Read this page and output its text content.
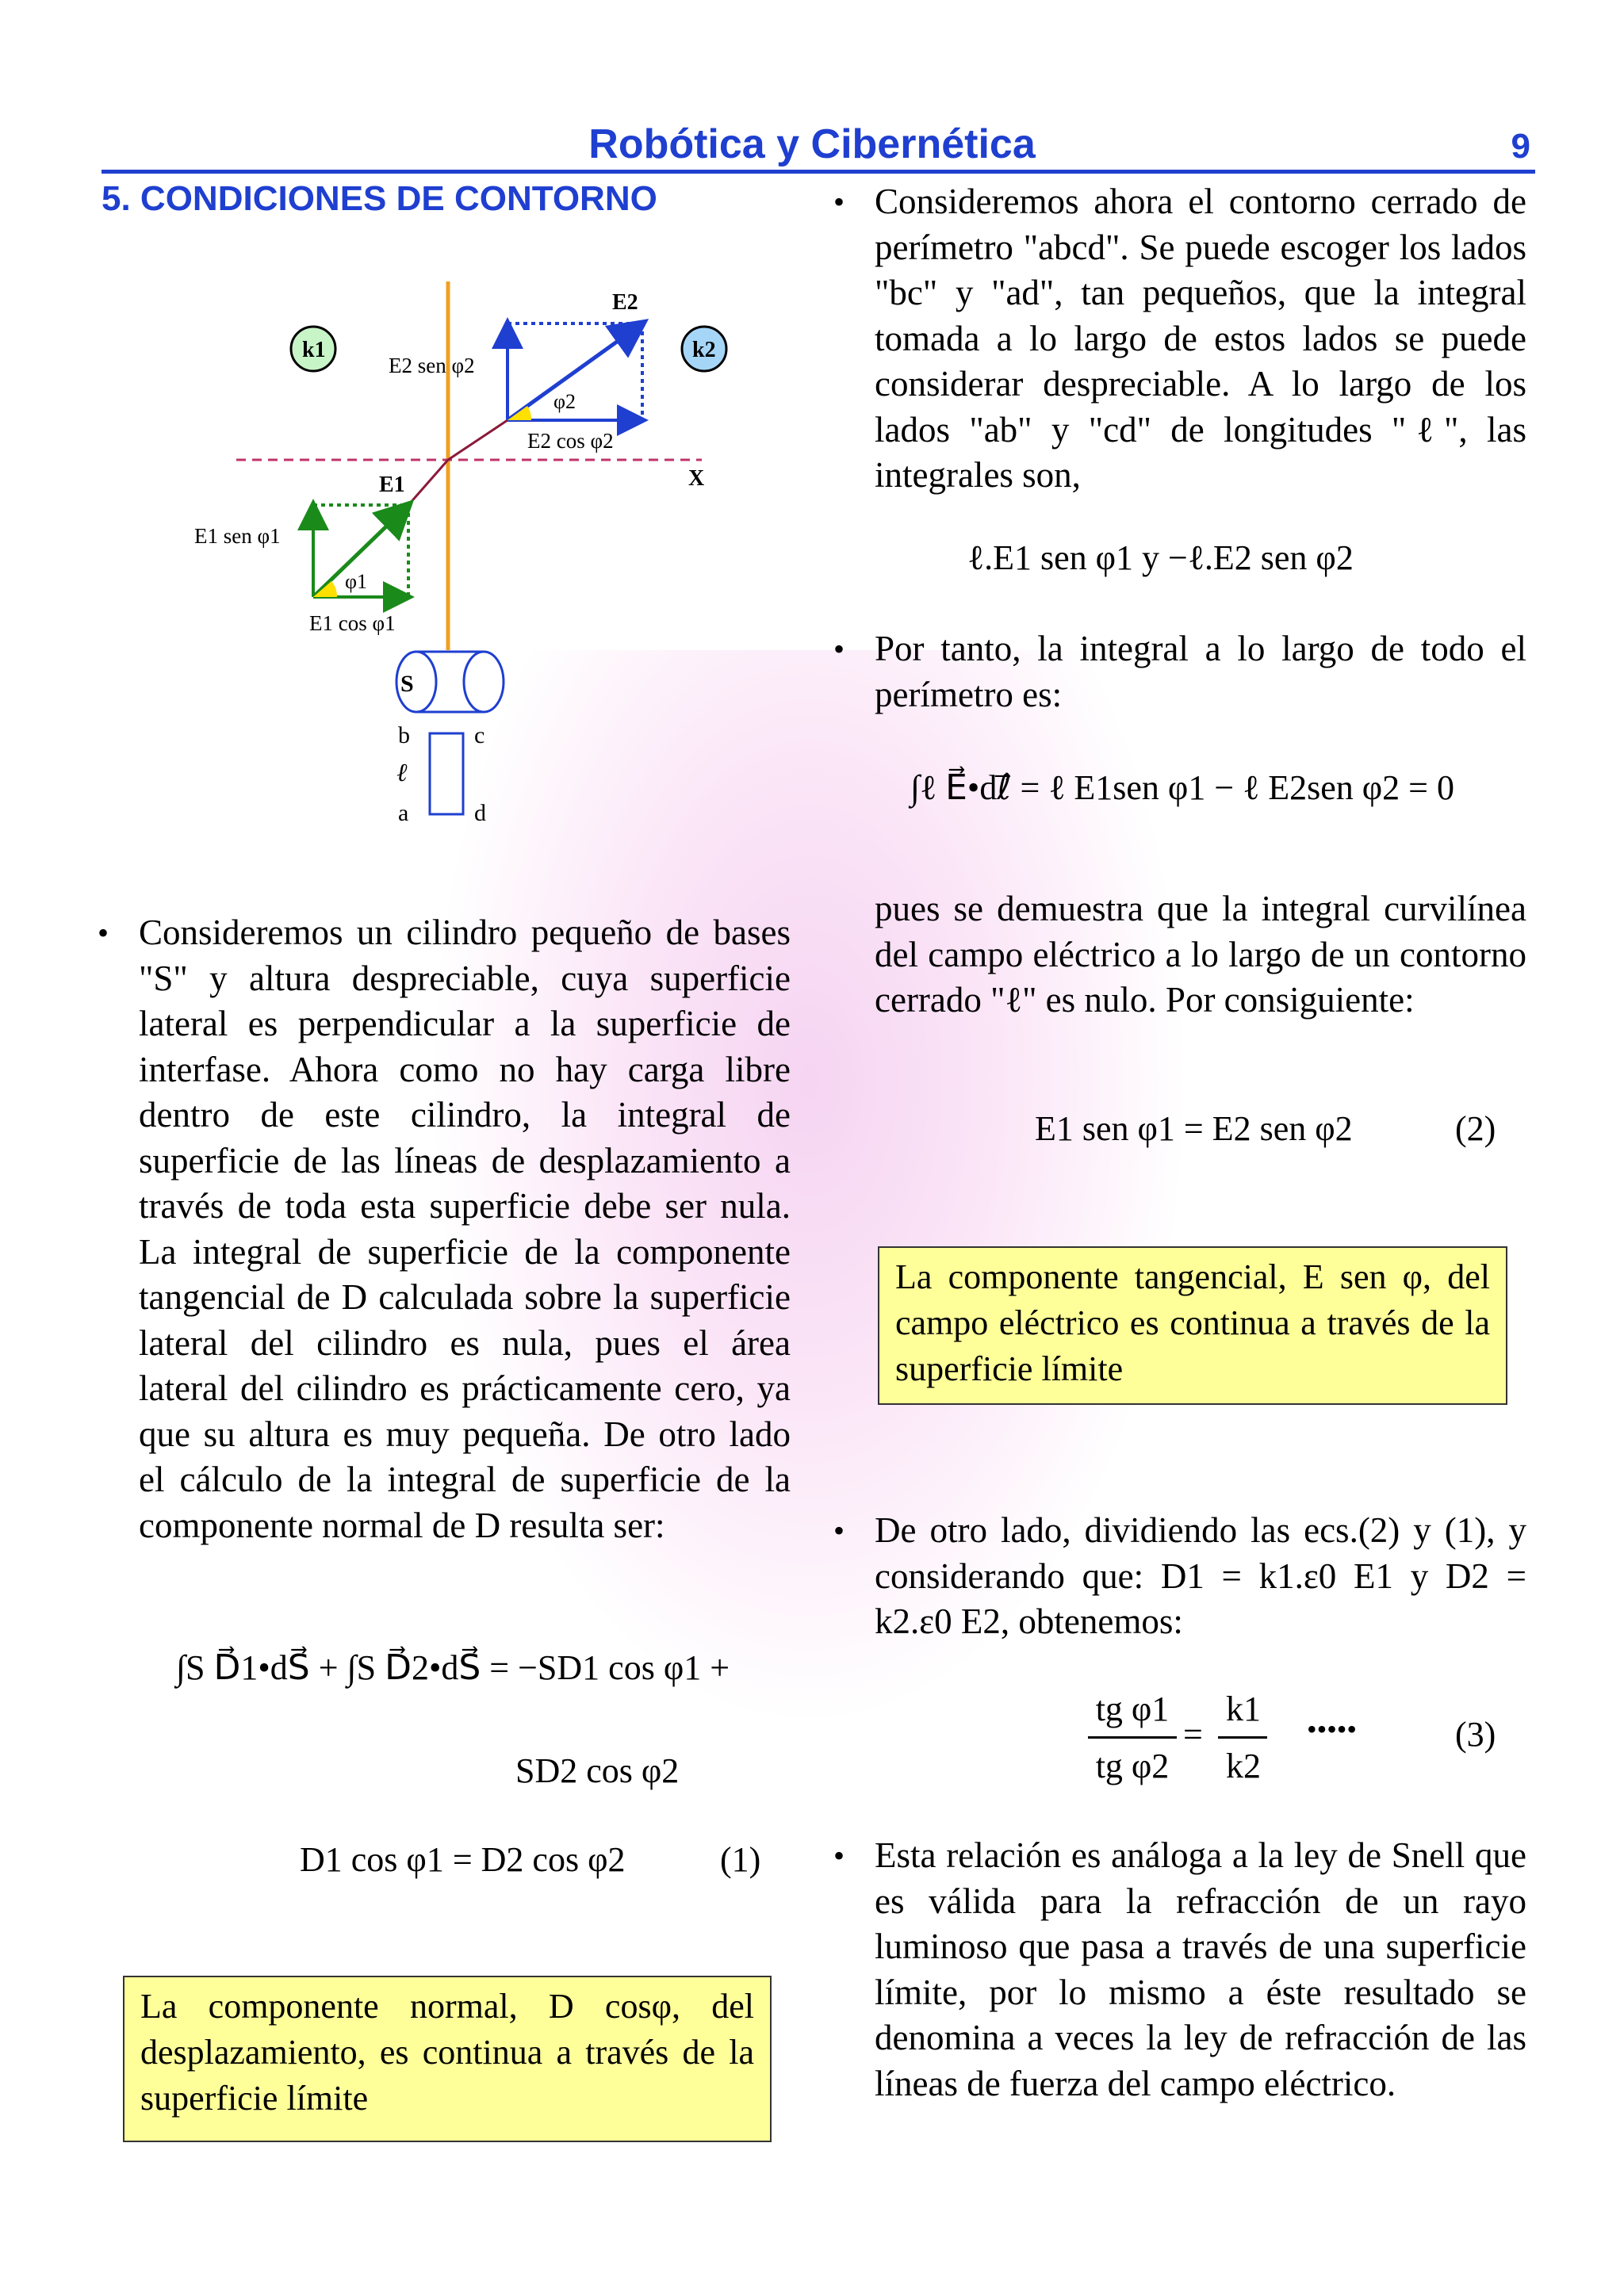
Robótica y Cibernética	9
5. CONDICIONES DE CONTORNO
k1	k2
E2
E2 sen φ2
φ2
E2 cos φ2
X
E1
E1 sen φ1
φ1
E1 cos φ1
S
b	c
ℓ
a	d

• Consideremos un cilindro pequeño de bases "S" y altura despreciable, cuya superficie lateral es perpendicular a la superficie de interfase. Ahora como no hay carga libre dentro de este cilindro, la integral de superficie de las líneas de desplazamiento a través de toda esta superficie debe ser nula. La integral de superficie de la componente tangencial de D calculada sobre la superficie lateral del cilindro es nula, pues el área lateral del cilindro es prácticamente cero, ya que su altura es muy pequeña. De otro lado el cálculo de la integral de superficie de la componente normal de D resulta ser:

∫S D⃗1•dS⃗ + ∫S D⃗2•dS⃗ = −SD1 cos φ1 +
SD2 cos φ2
D1 cos φ1 = D2 cos φ2	(1)
La componente normal, D cosφ, del desplazamiento, es continua a través de la superficie límite

• Consideremos ahora el contorno cerrado de perímetro "abcd". Se puede escoger los lados "bc" y "ad", tan pequeños, que la integral tomada a lo largo de estos lados se puede considerar despreciable. A lo largo de los lados "ab" y "cd" de longitudes "ℓ", las integrales son,

ℓ.E1 sen φ1 y −ℓ.E2 sen φ2

• Por tanto, la integral a lo largo de todo el perímetro es:

∫ℓ E⃗•dℓ⃗ = ℓ E1sen φ1 − ℓ E2sen φ2 = 0

pues se demuestra que la integral curvilínea del campo eléctrico a lo largo de un contorno cerrado "ℓ" es nulo. Por consiguiente:

E1 sen φ1 = E2 sen φ2	(2)
La componente tangencial, E sen φ, del campo eléctrico es continua a través de la superficie límite

• De otro lado, dividiendo las ecs.(2) y (1), y considerando que: D1 = k1.ε0 E1 y D2 = k2.ε0 E2, obtenemos:

tg φ1
tg φ2
=
k1
k2
•••••	(3)

• Esta relación es análoga a la ley de Snell que es válida para la refracción de un rayo luminoso que pasa a través de una superficie límite, por lo mismo a éste resultado se denomina a veces la ley de refracción de las líneas de fuerza del campo eléctrico.
